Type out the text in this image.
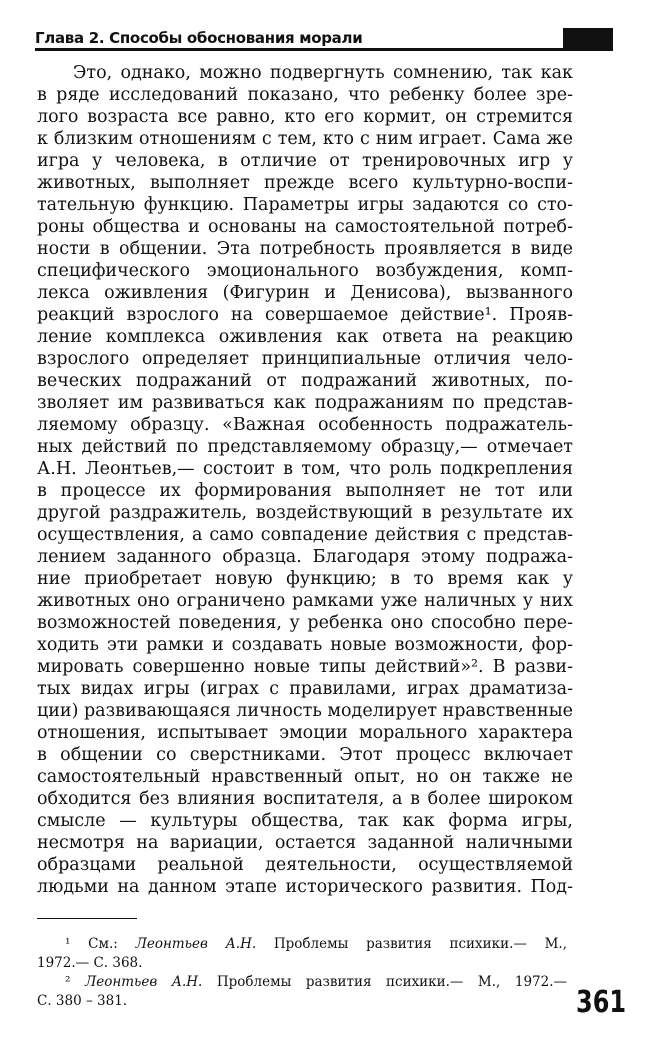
Глава 2. Способы обоснования морали
Это, однако, можно подвергнуть сомнению, так как
в ряде исследований показано, что ребенку более зре-
лого возраста все равно, кто его кормит, он стремится
к близким отношениям с тем, кто с ним играет. Сама же
игра у человека, в отличие от тренировочных игр у
животных, выполняет прежде всего культурно-воспи-
тательную функцию. Параметры игры задаются со сто-
роны общества и основаны на самостоятельной потреб-
ности в общении. Эта потребность проявляется в виде
специфического эмоционального возбуждения, комп-
лекса оживления (Фигурин и Денисова), вызванного
реакций взрослого на совершаемое действие¹. Прояв-
ление комплекса оживления как ответа на реакцию
взрослого определяет принципиальные отличия чело-
веческих подражаний от подражаний животных, по-
зволяет им развиваться как подражаниям по представ-
ляемому образцу. «Важная особенность подражатель-
ных действий по представляемому образцу,— отмечает
А.Н. Леонтьев,— состоит в том, что роль подкрепления
в процессе их формирования выполняет не тот или
другой раздражитель, воздействующий в результате их
осуществления, а само совпадение действия с представ-
лением заданного образца. Благодаря этому подража-
ние приобретает новую функцию; в то время как у
животных оно ограничено рамками уже наличных у них
возможностей поведения, у ребенка оно способно пере-
ходить эти рамки и создавать новые возможности, фор-
мировать совершенно новые типы действий»². В разви-
тых видах игры (играх с правилами, играх драматиза-
ции) развивающаяся личность моделирует нравственные
отношения, испытывает эмоции морального характера
в общении со сверстниками. Этот процесс включает
самостоятельный нравственный опыт, но он также не
обходится без влияния воспитателя, а в более широком
смысле — культуры общества, так как форма игры,
несмотря на вариации, остается заданной наличными
образцами реальной деятельности, осуществляемой
людьми на данном этапе исторического развития. Под-
¹ См.: Леонтьев А.Н. Проблемы развития психики.— М.,
1972.— С. 368.
² Леонтьев А.Н. Проблемы развития психики.— М., 1972.—
С. 380 – 381.	361
